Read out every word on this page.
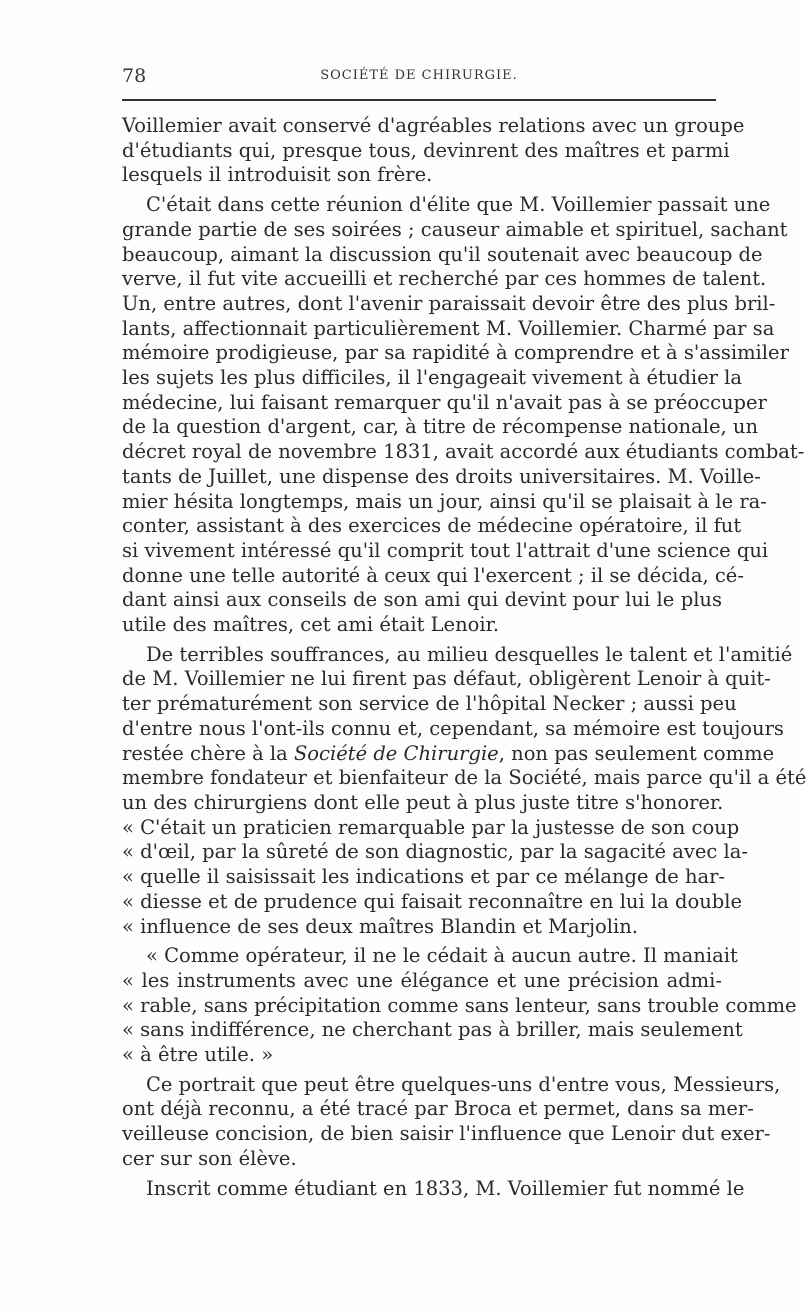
78	SOCIÉTÉ DE CHIRURGIE.

Voillemier avait conservé d'agréables relations avec un groupe
d'étudiants qui, presque tous, devinrent des maîtres et parmi
lesquels il introduisit son frère.

C'était dans cette réunion d'élite que M. Voillemier passait une
grande partie de ses soirées ; causeur aimable et spirituel, sachant
beaucoup, aimant la discussion qu'il soutenait avec beaucoup de
verve, il fut vite accueilli et recherché par ces hommes de talent.
Un, entre autres, dont l'avenir paraissait devoir être des plus bril-
lants, affectionnait particulièrement M. Voillemier. Charmé par sa
mémoire prodigieuse, par sa rapidité à comprendre et à s'assimiler
les sujets les plus difficiles, il l'engageait vivement à étudier la
médecine, lui faisant remarquer qu'il n'avait pas à se préoccuper
de la question d'argent, car, à titre de récompense nationale, un
décret royal de novembre 1831, avait accordé aux étudiants combat-
tants de Juillet, une dispense des droits universitaires. M. Voille-
mier hésita longtemps, mais un jour, ainsi qu'il se plaisait à le ra-
conter, assistant à des exercices de médecine opératoire, il fut
si vivement intéressé qu'il comprit tout l'attrait d'une science qui
donne une telle autorité à ceux qui l'exercent ; il se décida, cé-
dant ainsi aux conseils de son ami qui devint pour lui le plus
utile des maîtres, cet ami était Lenoir.

De terribles souffrances, au milieu desquelles le talent et l'amitié
de M. Voillemier ne lui firent pas défaut, obligèrent Lenoir à quit-
ter prématurément son service de l'hôpital Necker ; aussi peu
d'entre nous l'ont-ils connu et, cependant, sa mémoire est toujours
restée chère à la Société de Chirurgie, non pas seulement comme
membre fondateur et bienfaiteur de la Société, mais parce qu'il a été
un des chirurgiens dont elle peut à plus juste titre s'honorer.
« C'était un praticien remarquable par la justesse de son coup
« d'œil, par la sûreté de son diagnostic, par la sagacité avec la-
« quelle il saisissait les indications et par ce mélange de har-
« diesse et de prudence qui faisait reconnaître en lui la double
« influence de ses deux maîtres Blandin et Marjolin.

« Comme opérateur, il ne le cédait à aucun autre. Il maniait
« les instruments avec une élégance et une précision admi-
« rable, sans précipitation comme sans lenteur, sans trouble comme
« sans indifférence, ne cherchant pas à briller, mais seulement
« à être utile. »

Ce portrait que peut être quelques-uns d'entre vous, Messieurs,
ont déjà reconnu, a été tracé par Broca et permet, dans sa mer-
veilleuse concision, de bien saisir l'influence que Lenoir dut exer-
cer sur son élève.

Inscrit comme étudiant en 1833, M. Voillemier fut nommé le
